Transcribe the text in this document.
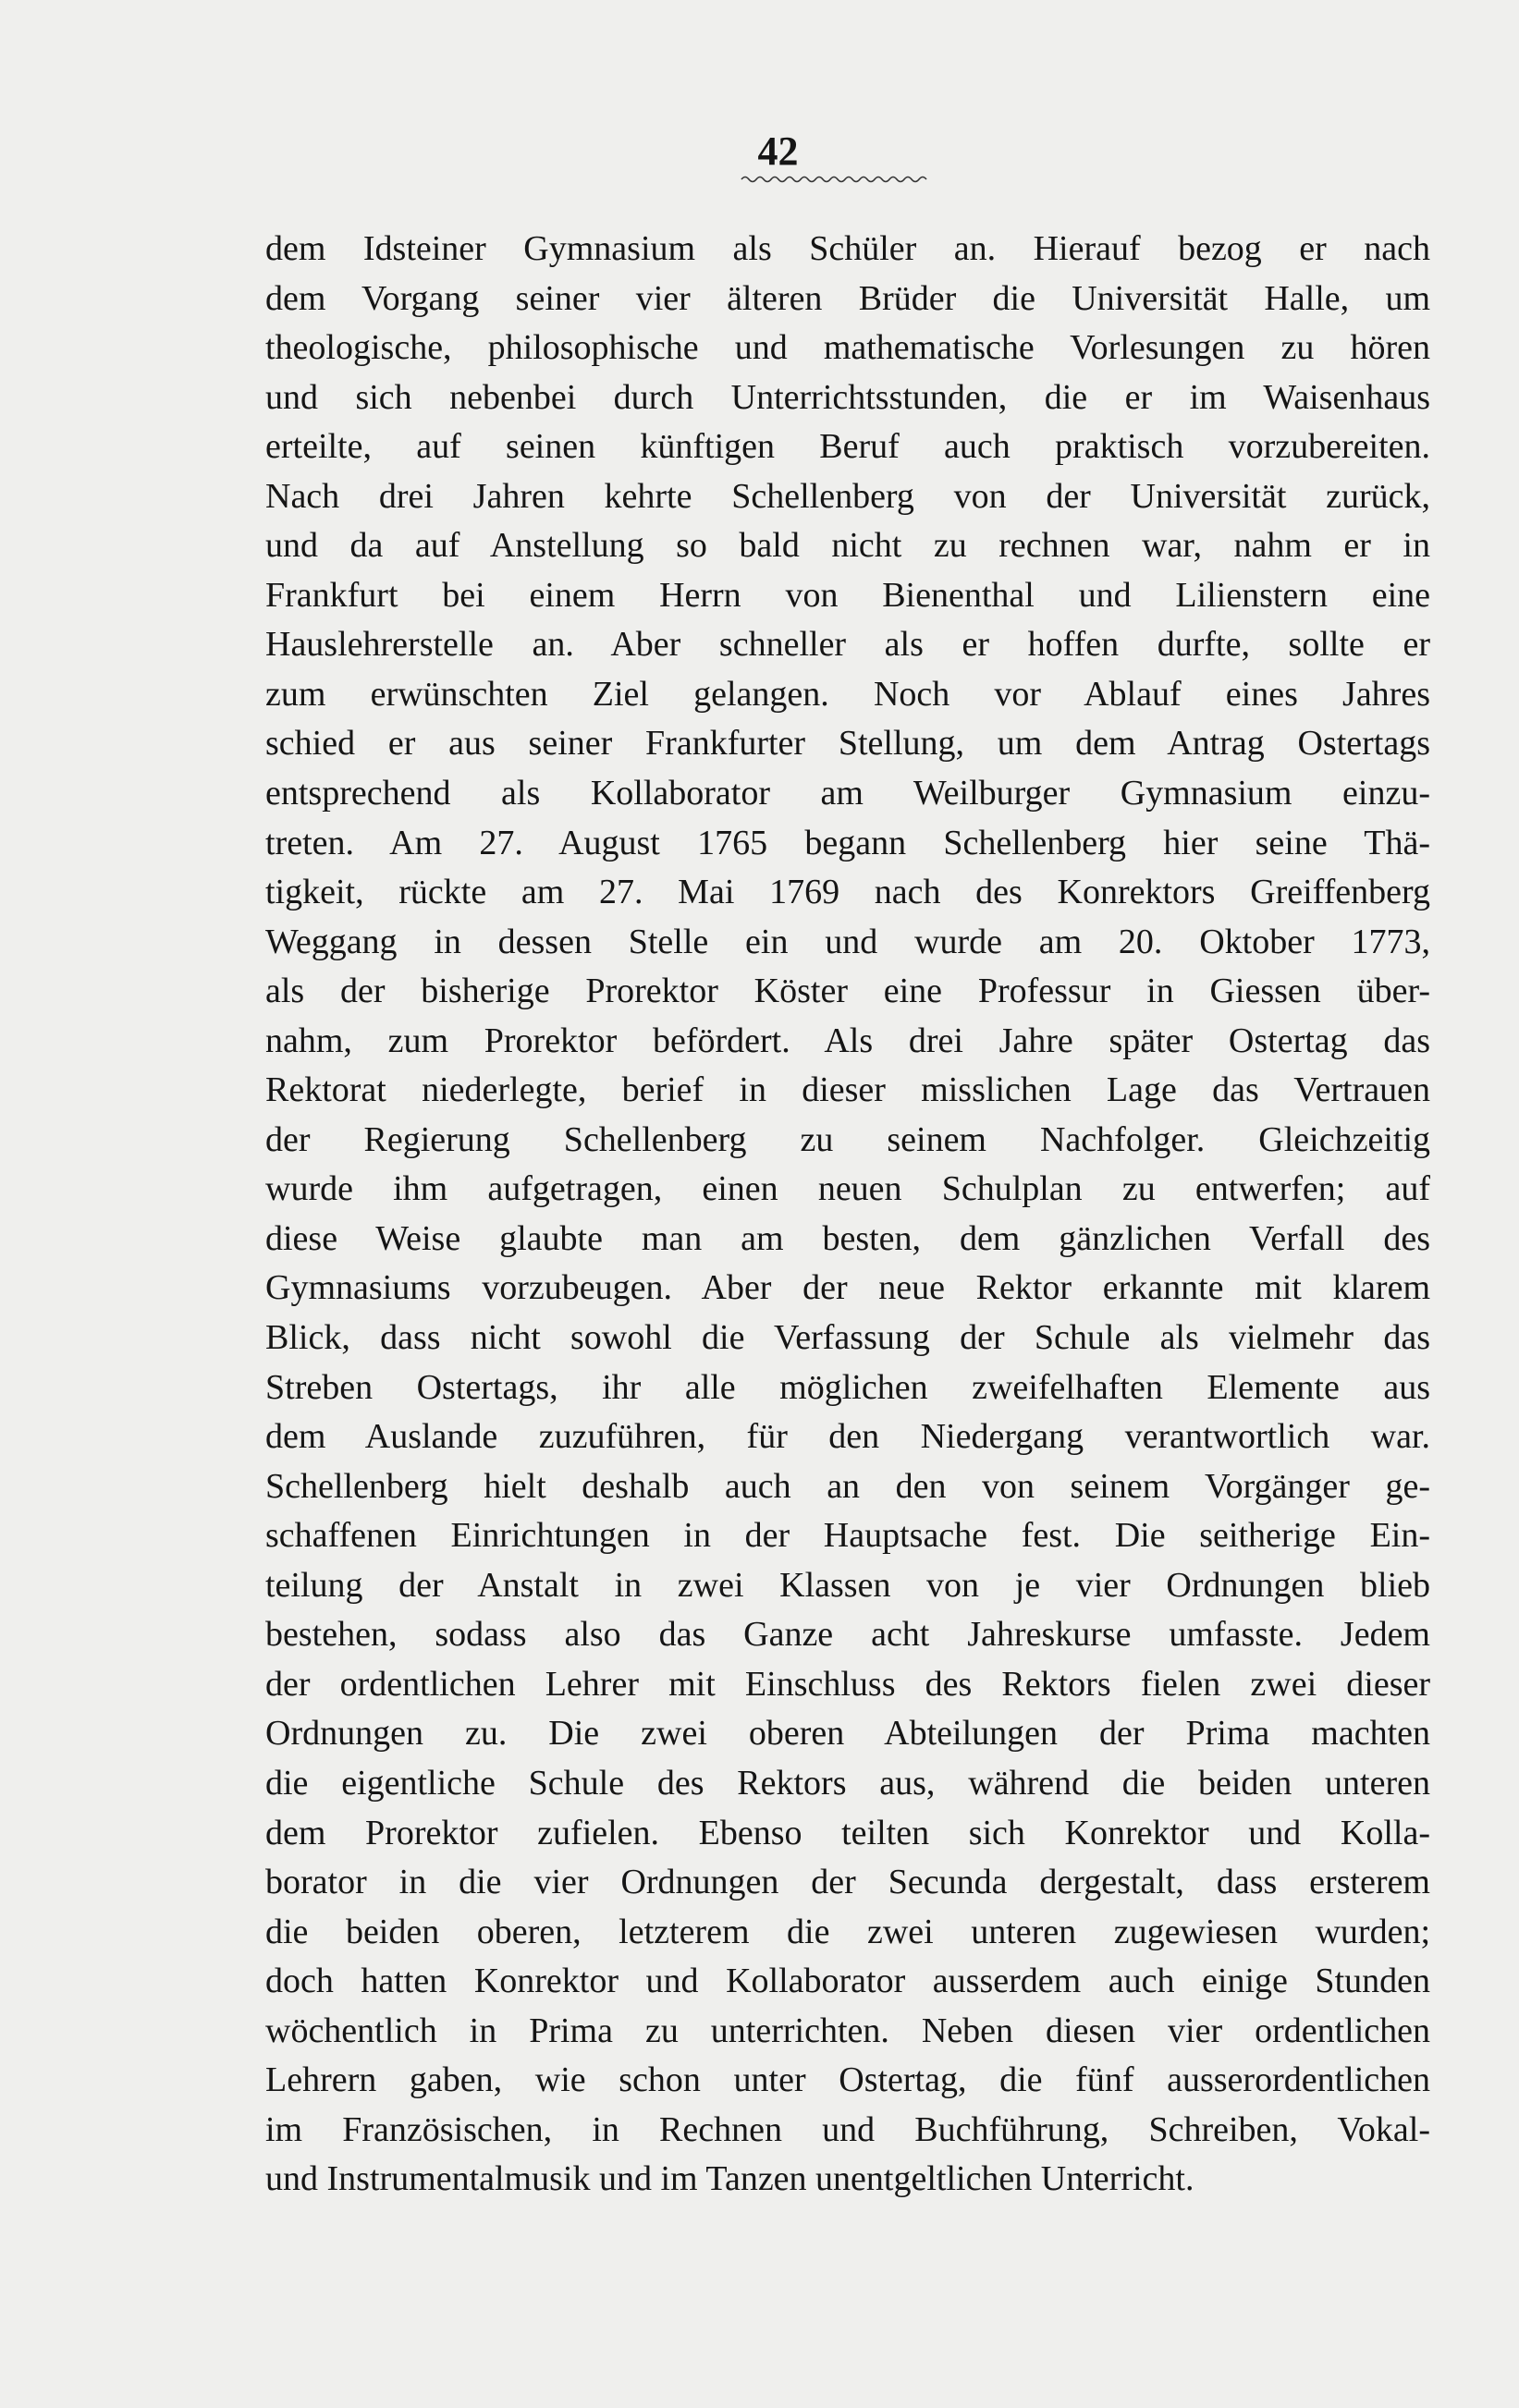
42
dem Idsteiner Gymnasium als Schüler an. Hierauf bezog er nach
dem Vorgang seiner vier älteren Brüder die Universität Halle, um
theologische, philosophische und mathematische Vorlesungen zu hören
und sich nebenbei durch Unterrichtsstunden, die er im Waisenhaus
erteilte, auf seinen künftigen Beruf auch praktisch vorzubereiten.
Nach drei Jahren kehrte Schellenberg von der Universität zurück,
und da auf Anstellung so bald nicht zu rechnen war, nahm er in
Frankfurt bei einem Herrn von Bienenthal und Lilienstern eine
Hauslehrerstelle an. Aber schneller als er hoffen durfte, sollte er
zum erwünschten Ziel gelangen. Noch vor Ablauf eines Jahres
schied er aus seiner Frankfurter Stellung, um dem Antrag Ostertags
entsprechend als Kollaborator am Weilburger Gymnasium einzu-
treten. Am 27. August 1765 begann Schellenberg hier seine Thä-
tigkeit, rückte am 27. Mai 1769 nach des Konrektors Greiffenberg
Weggang in dessen Stelle ein und wurde am 20. Oktober 1773,
als der bisherige Prorektor Köster eine Professur in Giessen über-
nahm, zum Prorektor befördert. Als drei Jahre später Ostertag das
Rektorat niederlegte, berief in dieser misslichen Lage das Vertrauen
der Regierung Schellenberg zu seinem Nachfolger. Gleichzeitig
wurde ihm aufgetragen, einen neuen Schulplan zu entwerfen; auf
diese Weise glaubte man am besten, dem gänzlichen Verfall des
Gymnasiums vorzubeugen. Aber der neue Rektor erkannte mit klarem
Blick, dass nicht sowohl die Verfassung der Schule als vielmehr das
Streben Ostertags, ihr alle möglichen zweifelhaften Elemente aus
dem Auslande zuzuführen, für den Niedergang verantwortlich war.
Schellenberg hielt deshalb auch an den von seinem Vorgänger ge-
schaffenen Einrichtungen in der Hauptsache fest. Die seitherige Ein-
teilung der Anstalt in zwei Klassen von je vier Ordnungen blieb
bestehen, sodass also das Ganze acht Jahreskurse umfasste. Jedem
der ordentlichen Lehrer mit Einschluss des Rektors fielen zwei dieser
Ordnungen zu. Die zwei oberen Abteilungen der Prima machten
die eigentliche Schule des Rektors aus, während die beiden unteren
dem Prorektor zufielen. Ebenso teilten sich Konrektor und Kolla-
borator in die vier Ordnungen der Secunda dergestalt, dass ersterem
die beiden oberen, letzterem die zwei unteren zugewiesen wurden;
doch hatten Konrektor und Kollaborator ausserdem auch einige Stunden
wöchentlich in Prima zu unterrichten. Neben diesen vier ordentlichen
Lehrern gaben, wie schon unter Ostertag, die fünf ausserordentlichen
im Französischen, in Rechnen und Buchführung, Schreiben, Vokal-
und Instrumentalmusik und im Tanzen unentgeltlichen Unterricht.
